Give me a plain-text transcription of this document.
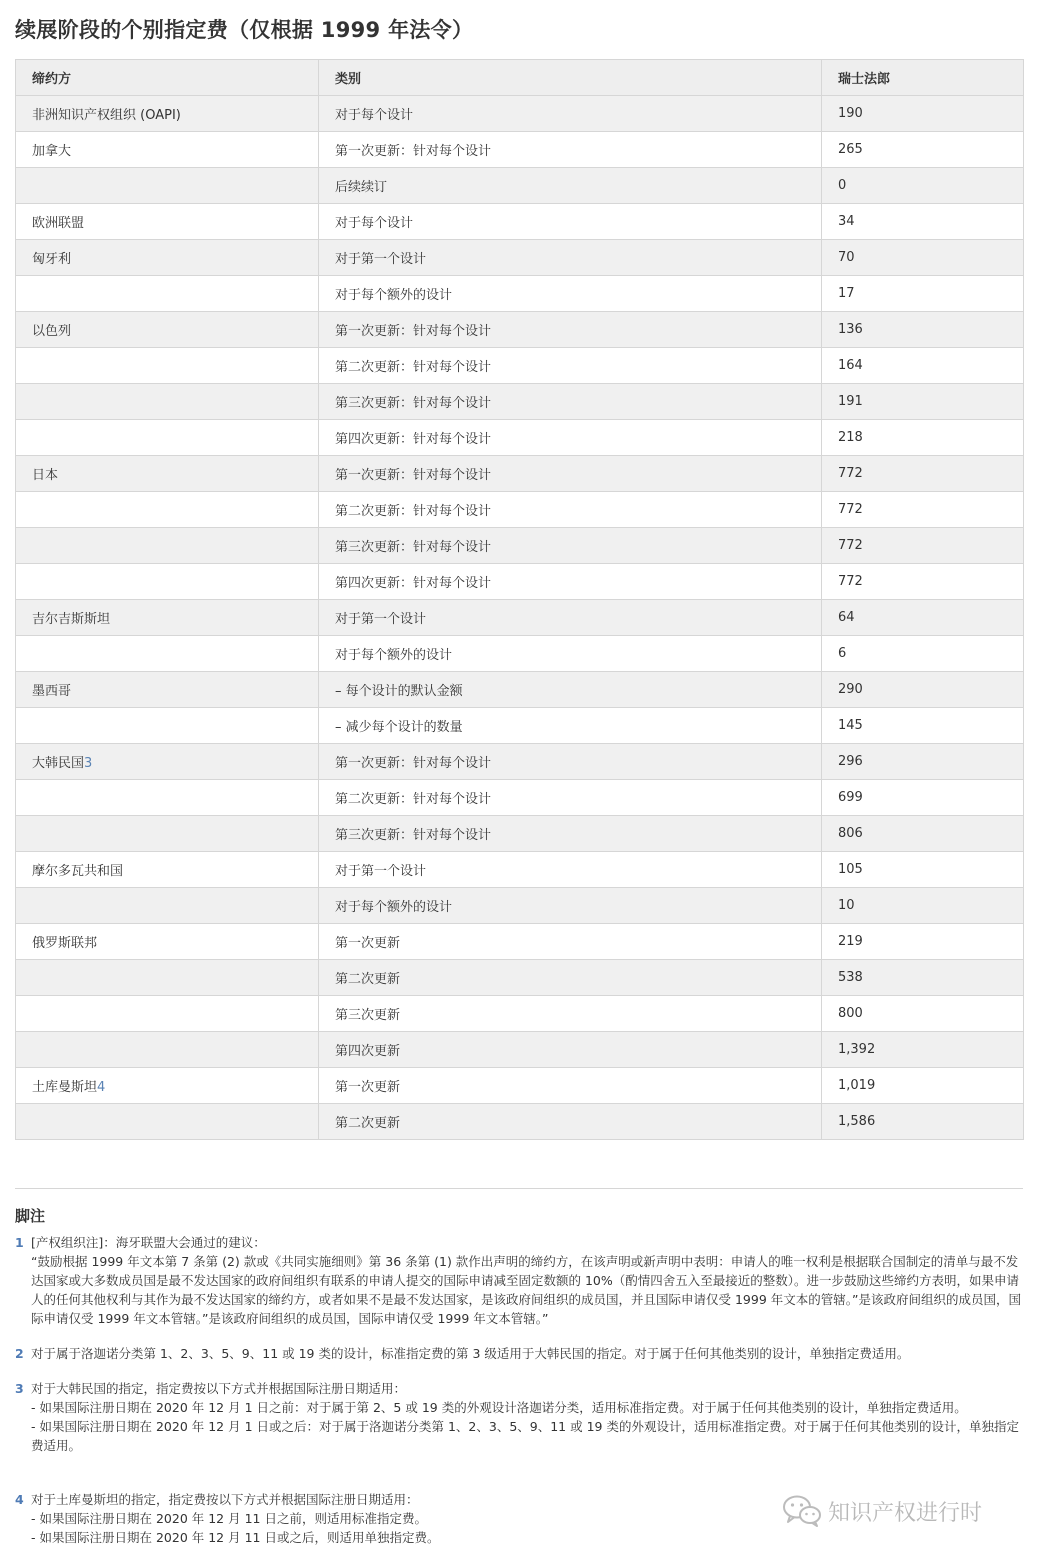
续展阶段的个别指定费（仅根据 1999 年法令）
缔约方	类别	瑞士法郎
非洲知识产权组织 (OAPI)	对于每个设计	190
加拿大	第一次更新：针对每个设计	265
	后续续订	0
欧洲联盟	对于每个设计	34
匈牙利	对于第一个设计	70
	对于每个额外的设计	17
以色列	第一次更新：针对每个设计	136
	第二次更新：针对每个设计	164
	第三次更新：针对每个设计	191
	第四次更新：针对每个设计	218
日本	第一次更新：针对每个设计	772
	第二次更新：针对每个设计	772
	第三次更新：针对每个设计	772
	第四次更新：针对每个设计	772
吉尔吉斯斯坦	对于第一个设计	64
	对于每个额外的设计	6
墨西哥	– 每个设计的默认金额	290
	– 减少每个设计的数量	145
大韩民国3	第一次更新：针对每个设计	296
	第二次更新：针对每个设计	699
	第三次更新：针对每个设计	806
摩尔多瓦共和国	对于第一个设计	105
	对于每个额外的设计	10
俄罗斯联邦	第一次更新	219
	第二次更新	538
	第三次更新	800
	第四次更新	1,392
土库曼斯坦4	第一次更新	1,019
	第二次更新	1,586
脚注
1 [产权组织注]：海牙联盟大会通过的建议：
“鼓励根据 1999 年文本第 7 条第 (2) 款或《共同实施细则》第 36 条第 (1) 款作出声明的缔约方，在该声明或新声明中表明：申请人的唯一权利是根据联合国制定的清单与最不发达国家或大多数成员国是最不发达国家的政府间组织有联系的申请人提交的国际申请减至固定数额的 10%（酌情四舍五入至最接近的整数）。进一步鼓励这些缔约方表明，如果申请人的任何其他权利与其作为最不发达国家的缔约方，或者如果不是最不发达国家，是该政府间组织的成员国，并且国际申请仅受 1999 年文本的管辖。”是该政府间组织的成员国，国际申请仅受 1999 年文本管辖。”是该政府间组织的成员国，国际申请仅受 1999 年文本管辖。”
2 对于属于洛迦诺分类第 1、2、3、5、9、11 或 19 类的设计，标准指定费的第 3 级适用于大韩民国的指定。对于属于任何其他类别的设计，单独指定费适用。
3 对于大韩民国的指定，指定费按以下方式并根据国际注册日期适用：
- 如果国际注册日期在 2020 年 12 月 1 日之前：对于属于第 2、5 或 19 类的外观设计洛迦诺分类，适用标准指定费。对于属于任何其他类别的设计，单独指定费适用。
- 如果国际注册日期在 2020 年 12 月 1 日或之后：对于属于洛迦诺分类第 1、2、3、5、9、11 或 19 类的外观设计，适用标准指定费。对于属于任何其他类别的设计，单独指定费适用。
4 对于土库曼斯坦的指定，指定费按以下方式并根据国际注册日期适用：
- 如果国际注册日期在 2020 年 12 月 11 日之前，则适用标准指定费。
- 如果国际注册日期在 2020 年 12 月 11 日或之后，则适用单独指定费。
知识产权进行时
